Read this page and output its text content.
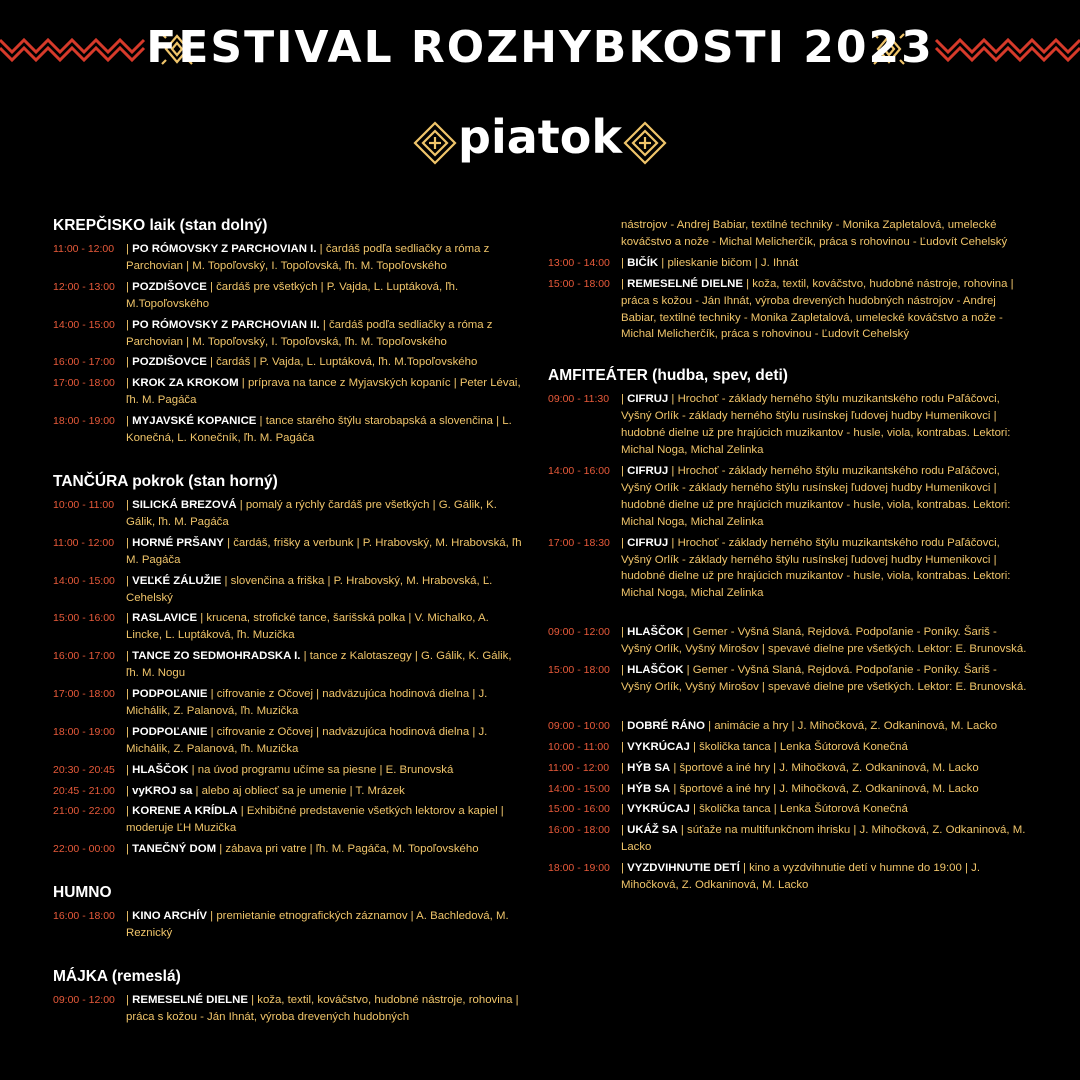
FESTIVAL ROZHYBKOSTI 2023
piatok
KREPČISKO laik (stan dolný)
11:00 - 12:00	| PO RÓMOVSKY Z PARCHOVIAN I. | čardáš podľa sedliačky a róma z Parchovian | M. Topoľovský, I. Topoľovská, ľh. M. Topoľovského
12:00 - 13:00 | POZDIŠOVCE | čardáš pre všetkých | P. Vajda, L. Luptáková, ľh. M.Topoľovského
14:00 - 15:00 | PO RÓMOVSKY Z PARCHOVIAN II. | čardáš podľa sedliačky a róma z Parchovian | M. Topoľovský, I. Topoľovská, ľh. M. Topoľovského
16:00 - 17:00 | POZDIŠOVCE | čardáš | P. Vajda, L. Luptáková, ľh. M.Topoľovského
17:00 - 18:00 | KROK ZA KROKOM | príprava na tance z Myjavských kopaníc | Peter Lévai, ľh. M. Pagáča
18:00 - 19:00 | MYJAVSKÉ KOPANICE | tance starého štýlu starobapská a slovenčina | L. Konečná, L. Konečník, ľh. M. Pagáča
TANČÚRA pokrok (stan horný)
10:00 - 11:00	| SILICKÁ BREZOVÁ | pomalý a rýchly čardáš pre všetkých | G. Gálik, K. Gálik, ľh. M. Pagáča
11:00 - 12:00	| HORNÉ PRŠANY | čardáš, frišky a verbunk | P. Hrabovský, M. Hrabovská, ľh M. Pagáča
14:00 - 15:00 | VEĽKÉ ZÁLUŽIE | slovenčina a friška | P. Hrabovský, M. Hrabovská, Ľ. Cehelský
15:00 - 16:00 | RASLAVICE | krucena, strofické tance, šarišská polka | V. Michalko, A. Lincke, L. Luptáková, ľh. Muzička
16:00 - 17:00 | TANCE ZO SEDMOHRADSKA I. | tance z Kalotaszegy | G. Gálik, K. Gálik, ľh. M. Nogu
17:00 - 18:00 | PODPOĽANIE | cifrovanie z Očovej | nadväzujúca hodinová dielna | J. Michálik, Z. Palanová, ľh. Muzička
18:00 - 19:00 | PODPOĽANIE | cifrovanie z Očovej | nadväzujúca hodinová dielna | J. Michálik, Z. Palanová, ľh. Muzička
20:30 - 20:45 | HLAŠČOK | na úvod programu učíme sa piesne | E. Brunovská
20:45 - 21:00 | vyKROJ sa | alebo aj obliecť sa je umenie | T. Mrázek
21:00 - 22:00 | KORENE A KRÍDLA | Exhibičné predstavenie všetkých lektorov a kapiel | moderuje ĽH Muzička
22:00 - 00:00 | TANEČNÝ DOM | zábava pri vatre | ľh. M. Pagáča, M. Topoľovského
HUMNO
16:00 - 18:00 | KINO ARCHÍV | premietanie etnografických záznamov | A. Bachledová, M. Reznický
MÁJKA (remeslá)
09:00 - 12:00 | REMESELNÉ DIELNE | koža, textil, kováčstvo, hudobné nástroje, rohovina | práca s kožou - Ján Ihnát, výroba drevených hudobných
nástrojov - Andrej Babiar, textilné techniky - Monika Zapletalová, umelecké kováčstvo a nože - Michal Melicherčík, práca s rohovinou - Ľudovít Cehelský
13:00 - 14:00 | BIČÍK | plieskanie bičom | J. Ihnát
15:00 - 18:00 | REMESELNÉ DIELNE | koža, textil, kováčstvo, hudobné nástroje, rohovina | práca s kožou - Ján Ihnát, výroba drevených hudobných nástrojov - Andrej Babiar, textilné techniky - Monika Zapletalová, umelecké kováčstvo a nože - Michal Melicherčík, práca s rohovinou - Ľudovít Cehelský
AMFITEÁTER (hudba, spev, deti)
09:00 - 11:30	| CIFRUJ | Hrochoť - základy herného štýlu muzikantského rodu Paľáčovci, Vyšný Orlík - základy herného štýlu rusínskej ľudovej hudby Humenikovci | hudobné dielne už pre hrajúcich muzikantov - husle, viola, kontrabas. Lektori: Michal Noga, Michal Zelinka
14:00 - 16:00 | CIFRUJ | Hrochoť - základy herného štýlu muzikantského rodu Paľáčovci, Vyšný Orlík - základy herného štýlu rusínskej ľudovej hudby Humenikovci | hudobné dielne už pre hrajúcich muzikantov - husle, viola, kontrabas. Lektori: Michal Noga, Michal Zelinka
17:00 - 18:30 | CIFRUJ | Hrochoť - základy herného štýlu muzikantského rodu Paľáčovci, Vyšný Orlík - základy herného štýlu rusínskej ľudovej hudby Humenikovci | hudobné dielne už pre hrajúcich muzikantov - husle, viola, kontrabas. Lektori: Michal Noga, Michal Zelinka
09:00 - 12:00 | HLAŠČOK | Gemer - Vyšná Slaná, Rejdová. Podpoľanie - Poníky. Šariš - Vyšný Orlík, Vyšný Mirošov | spevavé dielne pre všetkých. Lektor: E. Brunovská.
15:00 - 18:00 | HLAŠČOK | Gemer - Vyšná Slaná, Rejdová. Podpoľanie - Poníky. Šariš - Vyšný Orlík, Vyšný Mirošov | spevavé dielne pre všetkých. Lektor: E. Brunovská.
09:00 - 10:00 | DOBRÉ RÁNO | animácie a hry | J. Mihočková, Z. Odkaninová, M. Lacko
10:00 - 11:00	| VYKRÚCAJ | školička tanca | Lenka Šútorová Konečná
11:00 - 12:00	| HÝB SA | športové a iné hry | J. Mihočková, Z. Odkaninová, M. Lacko
14:00 - 15:00 | HÝB SA | športové a iné hry | J. Mihočková, Z. Odkaninová, M. Lacko
15:00 - 16:00 | VYKRÚCAJ | školička tanca | Lenka Šútorová Konečná
16:00 - 18:00 | UKÁŽ SA | súťaže na multifunkčnom ihrisku | J. Mihočková, Z. Odkaninová, M. Lacko
18:00 - 19:00 | VYZDVIHNUTIE DETÍ | kino a vyzdvihnutie detí v humne do 19:00 | J. Mihočková, Z. Odkaninová, M. Lacko
